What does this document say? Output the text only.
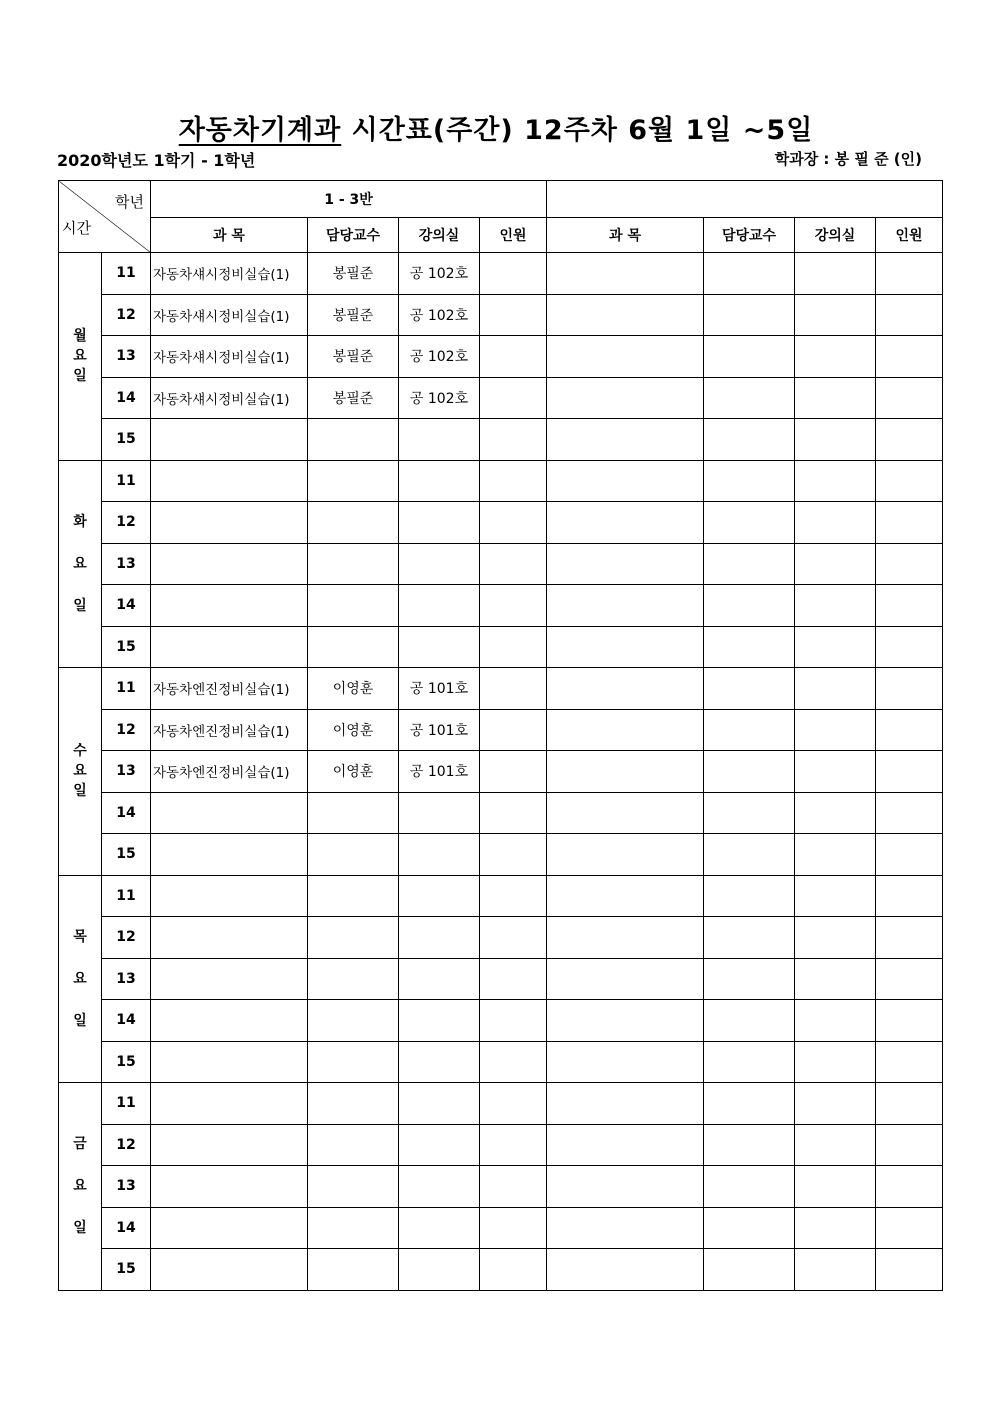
자동차기계과 시간표(주간) 12주차 6월 1일 ~5일
2020학년도 1학기 - 1학년	학과장 : 봉 필 준 (인)
학년
시간		1 - 3반							
		과 목	담당교수	강의실	인원	과 목	담당교수	강의실	인원

월
요
일	11	자동차섀시정비실습(1)	봉필준	공 102호					
	12	자동차섀시정비실습(1)	봉필준	공 102호					
	13	자동차섀시정비실습(1)	봉필준	공 102호					
	14	자동차섀시정비실습(1)	봉필준	공 102호					
	15								

화
요
일	11								
	12								
	13								
	14								
	15								

수
요
일	11	자동차엔진정비실습(1)	이영훈	공 101호					
	12	자동차엔진정비실습(1)	이영훈	공 101호					
	13	자동차엔진정비실습(1)	이영훈	공 101호					
	14								
	15								

목
요
일	11								
	12								
	13								
	14								
	15								

금
요
일	11								
	12								
	13								
	14								
	15								
